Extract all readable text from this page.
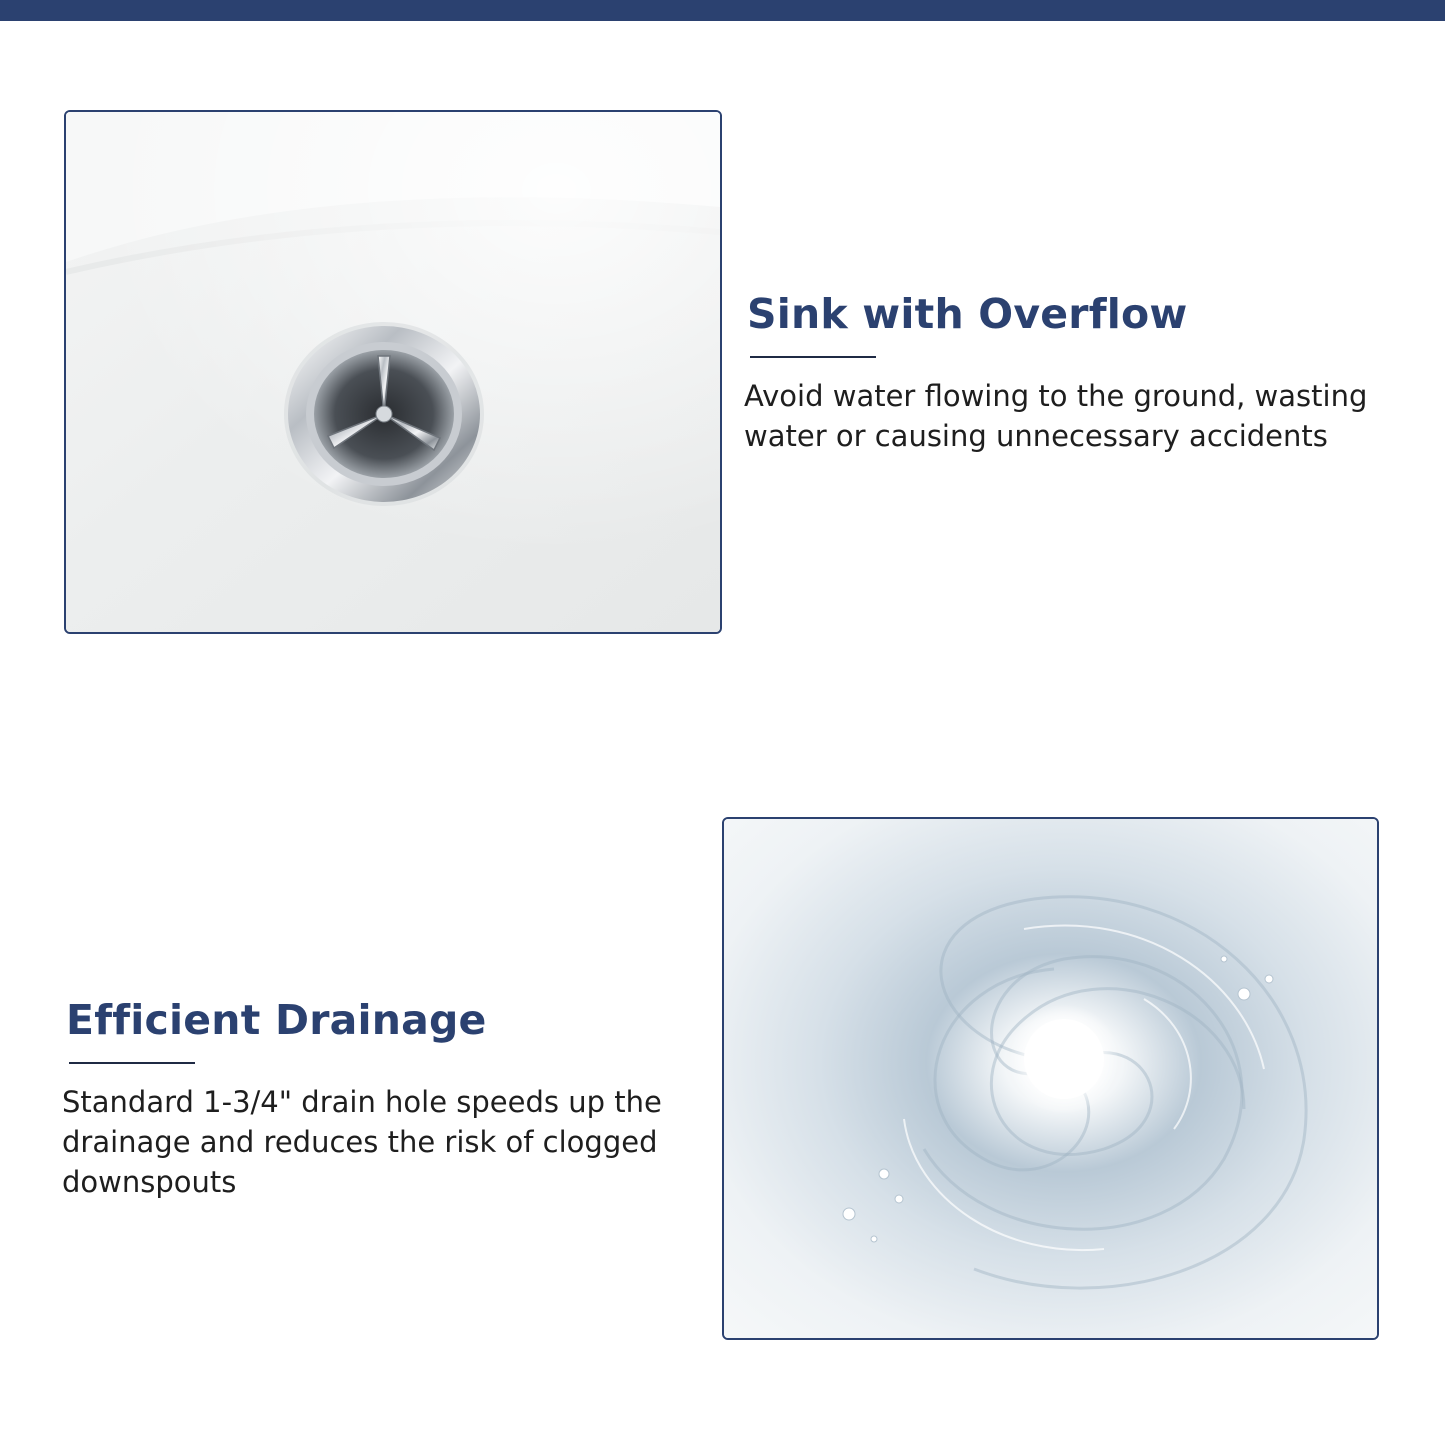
Sink with Overflow

Avoid water flowing to the ground, wasting water or causing unnecessary accidents

Efficient Drainage

Standard 1-3/4" drain hole speeds up the drainage and reduces the risk of clogged downspouts
